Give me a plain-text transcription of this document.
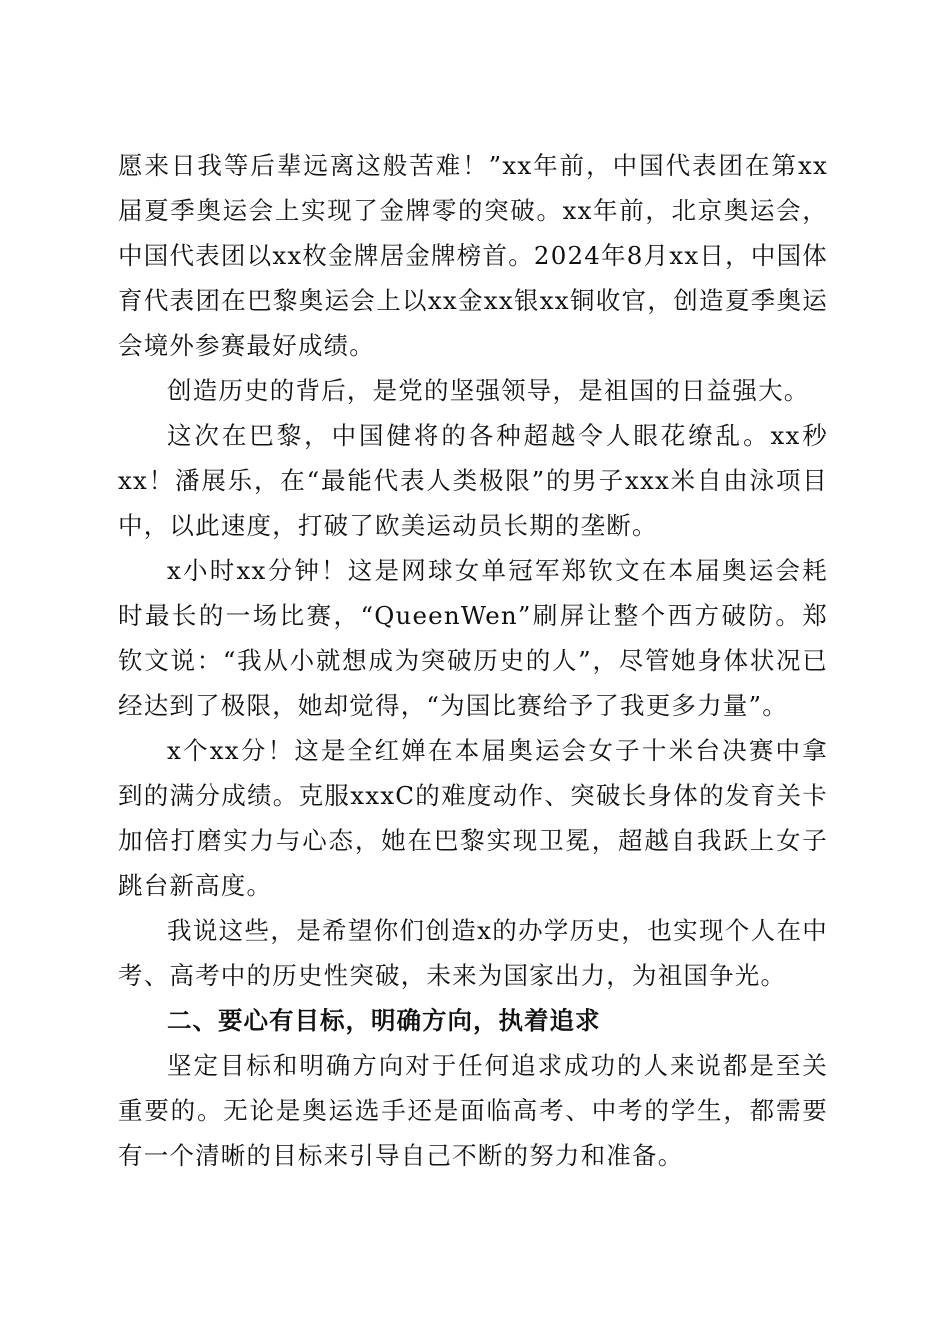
愿来日我等后辈远离这般苦难！”xx年前，中国代表团在第xx届夏季奥运会上实现了金牌零的突破。xx年前，北京奥运会，中国代表团以xx枚金牌居金牌榜首。2024年8月xx日，中国体育代表团在巴黎奥运会上以xx金xx银xx铜收官，创造夏季奥运会境外参赛最好成绩。

创造历史的背后，是党的坚强领导，是祖国的日益强大。

这次在巴黎，中国健将的各种超越令人眼花缭乱。xx秒xx！潘展乐，在“最能代表人类极限”的男子xxx米自由泳项目中，以此速度，打破了欧美运动员长期的垄断。

x小时xx分钟！这是网球女单冠军郑钦文在本届奥运会耗时最长的一场比赛，“QueenWen”刷屏让整个西方破防。郑钦文说：“我从小就想成为突破历史的人”，尽管她身体状况已经达到了极限，她却觉得，“为国比赛给予了我更多力量”。

x个xx分！这是全红婵在本届奥运会女子十米台决赛中拿到的满分成绩。克服xxxC的难度动作、突破长身体的发育关卡加倍打磨实力与心态，她在巴黎实现卫冕，超越自我跃上女子跳台新高度。

我说这些，是希望你们创造x的办学历史，也实现个人在中考、高考中的历史性突破，未来为国家出力，为祖国争光。

二、要心有目标，明确方向，执着追求

坚定目标和明确方向对于任何追求成功的人来说都是至关重要的。无论是奥运选手还是面临高考、中考的学生，都需要有一个清晰的目标来引导自己不断的努力和准备。
